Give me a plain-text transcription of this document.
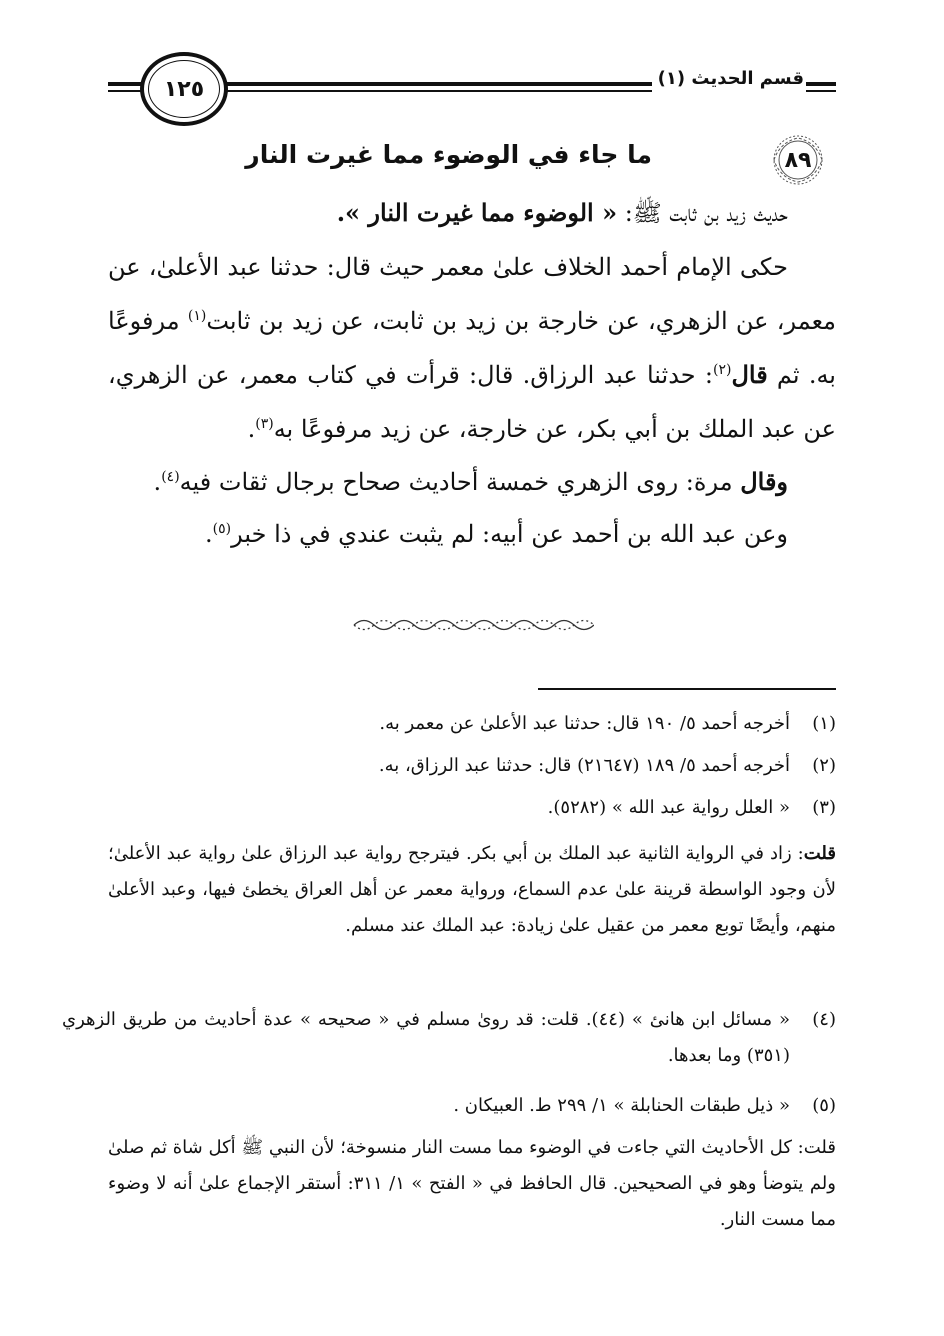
١٢٥	قسم الحديث (١)
٨٩
ما جاء في الوضوء مما غيرت النار

حديث زيد بن ثابت ﷺ: « الوضوء مما غيرت النار ».

حكى الإمام أحمد الخلاف علىٰ معمر حيث قال: حدثنا عبد الأعلىٰ، عن معمر، عن الزهري، عن خارجة بن زيد بن ثابت، عن زيد بن ثابت$^{(١)}$ مرفوعًا به. ثم قال$^{(٢)}$: حدثنا عبد الرزاق. قال: قرأت في كتاب معمر، عن الزهري، عن عبد الملك بن أبي بكر، عن خارجة، عن زيد مرفوعًا به$^{(٣)}$.

وقال مرة: روى الزهري خمسة أحاديث صحاح برجال ثقات فيه$^{(٤)}$.

وعن عبد الله بن أحمد عن أبيه: لم يثبت عندي في ذا خبر$^{(٥)}$.

(١)أخرجه أحمد ٥/ ١٩٠ قال: حدثنا عبد الأعلىٰ عن معمر به.
(٢)أخرجه أحمد ٥/ ١٨٩ (٢١٦٤٧) قال: حدثنا عبد الرزاق، به.
(٣)« العلل رواية عبد الله » (٥٢٨٢).
قلت: زاد في الرواية الثانية عبد الملك بن أبي بكر. فيترجح رواية عبد الرزاق علىٰ رواية عبد الأعلىٰ؛ لأن وجود الواسطة قرينة علىٰ عدم السماع، ورواية معمر عن أهل العراق يخطئ فيها، وعبد الأعلىٰ منهم، وأيضًا توبع معمر من عقيل علىٰ زيادة: عبد الملك عند مسلم.
(٤)« مسائل ابن هانئ » (٤٤). قلت: قد روىٰ مسلم في « صحيحه » عدة أحاديث من طريق الزهري (٣٥١) وما بعدها.
(٥)« ذيل طبقات الحنابلة » ١/ ٢٩٩ ط. العبيكان .
قلت: كل الأحاديث التي جاءت في الوضوء مما مست النار منسوخة؛ لأن النبي ﷺ أكل شاة ثم صلىٰ ولم يتوضأ وهو في الصحيحين. قال الحافظ في « الفتح » ١/ ٣١١: أستقر الإجماع علىٰ أنه لا وضوء مما مست النار.
